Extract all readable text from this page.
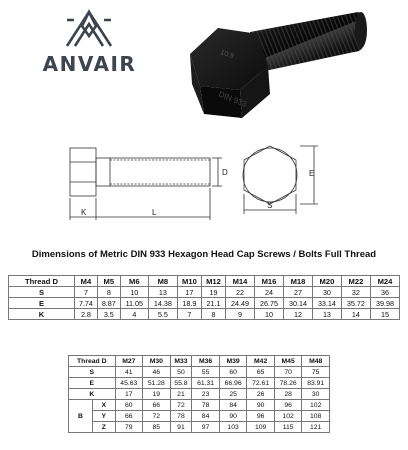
ANVAIR	10.9
DIN 933
K	L
D	E
S
Dimensions of Metric DIN 933 Hexagon Head Cap Screws / Bolts Full Thread
Thread D	M4	M5	M6	M8	M10	M12	M14	M16	M18	M20	M22	M24
S	7	8	10	13	17	19	22	24	27	30	32	36
E	7.74	8.87	11.05	14.38	18.9	21.1	24.49	26.75	30.14	33.14	35.72	39.98
K	2.8	3.5	4	5.5	7	8	9	10	12	13	14	15
Thread D		M27	M30	M33	M36	M39	M42	M45	M48
S		41	46	50	55	60	65	70	75
E		45.63	51.28	55.8	61.31	66.96	72.61	78.26	83.91
K		17	19	21	23	25	26	28	30
B	X	60	66	72	78	84	90	96	102
	Y	66	72	78	84	90	96	102	108
	Z	79	85	91	97	103	109	115	121
